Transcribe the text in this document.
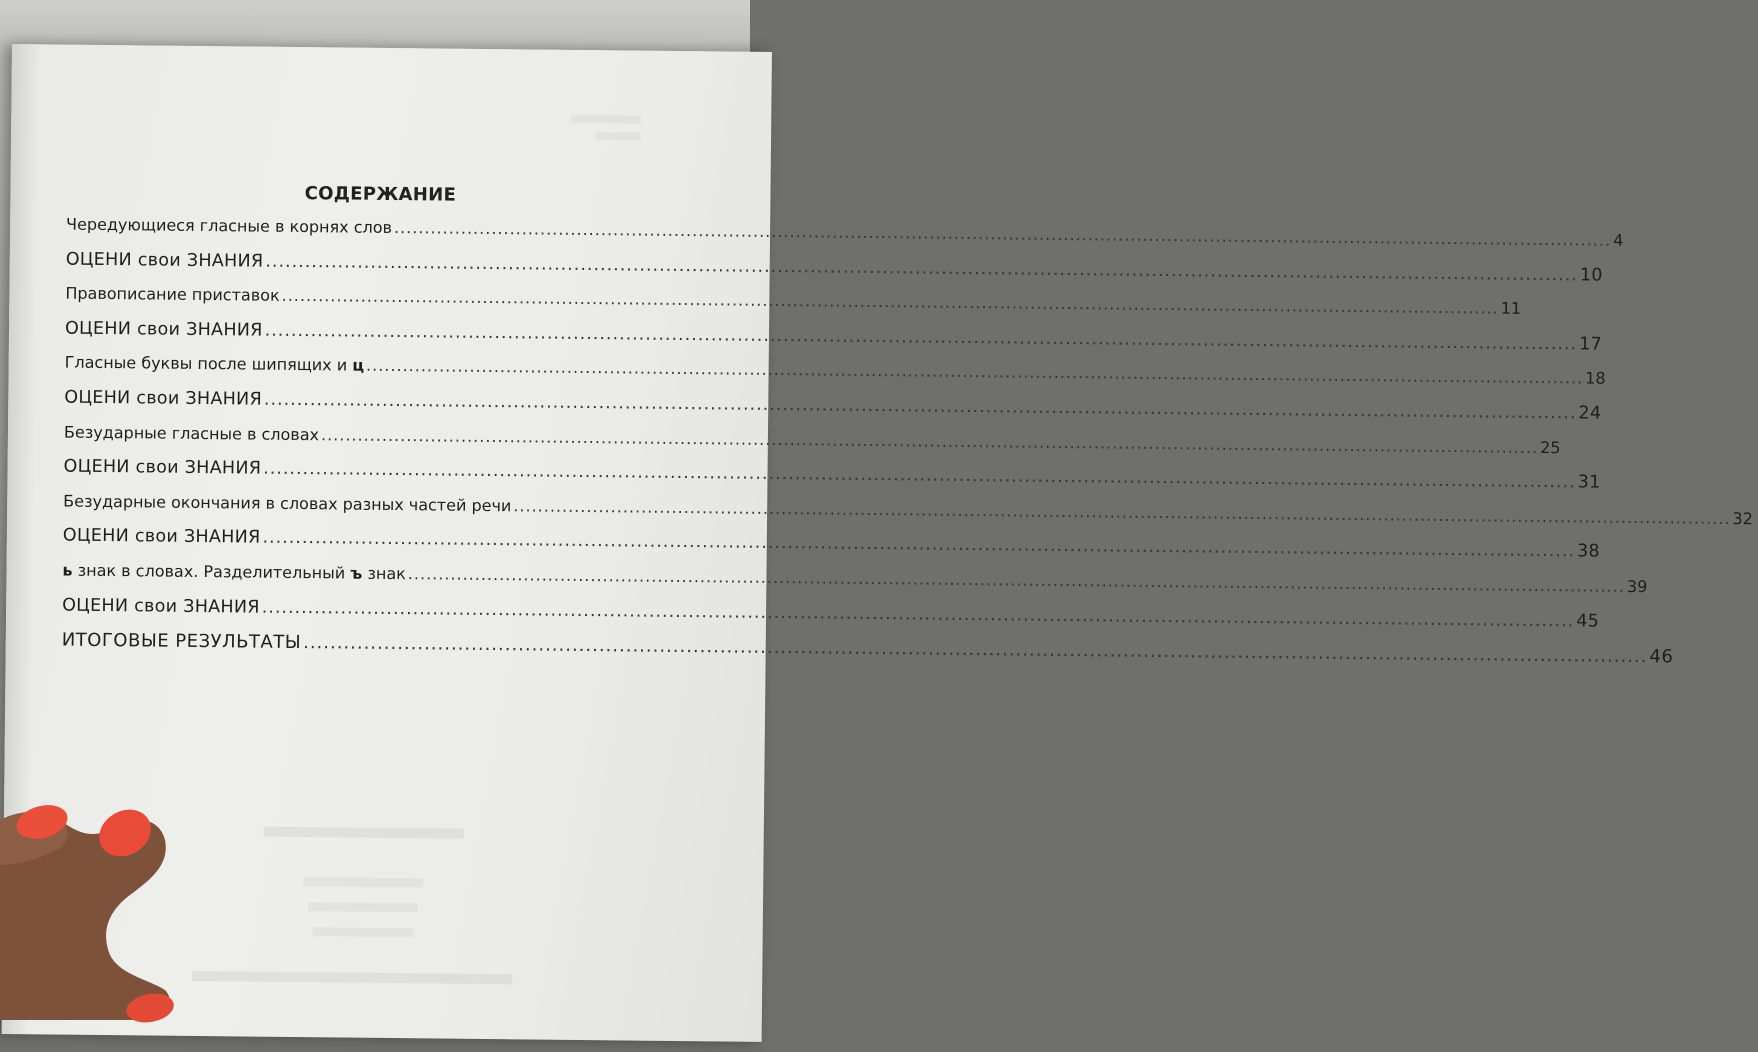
СОДЕРЖАНИЕ
Чередующиеся гласные в корнях слов ........................................................................................................................................................................................................ 4
ОЦЕНИ свои ЗНАНИЯ ........................................................................................................................................................................................................ 10
Правописание приставок ........................................................................................................................................................................................................ 11
ОЦЕНИ свои ЗНАНИЯ ........................................................................................................................................................................................................ 17
Гласные буквы после шипящих и ц ........................................................................................................................................................................................................ 18
ОЦЕНИ свои ЗНАНИЯ ........................................................................................................................................................................................................ 24
Безударные гласные в словах ........................................................................................................................................................................................................ 25
ОЦЕНИ свои ЗНАНИЯ ........................................................................................................................................................................................................ 31
Безударные окончания в словах разных частей речи ........................................................................................................................................................................................................ 32
ОЦЕНИ свои ЗНАНИЯ ........................................................................................................................................................................................................ 38
ь знак в словах. Разделительный ъ знак ........................................................................................................................................................................................................ 39
ОЦЕНИ свои ЗНАНИЯ ........................................................................................................................................................................................................ 45
ИТОГОВЫЕ РЕЗУЛЬТАТЫ ........................................................................................................................................................................................................ 46
